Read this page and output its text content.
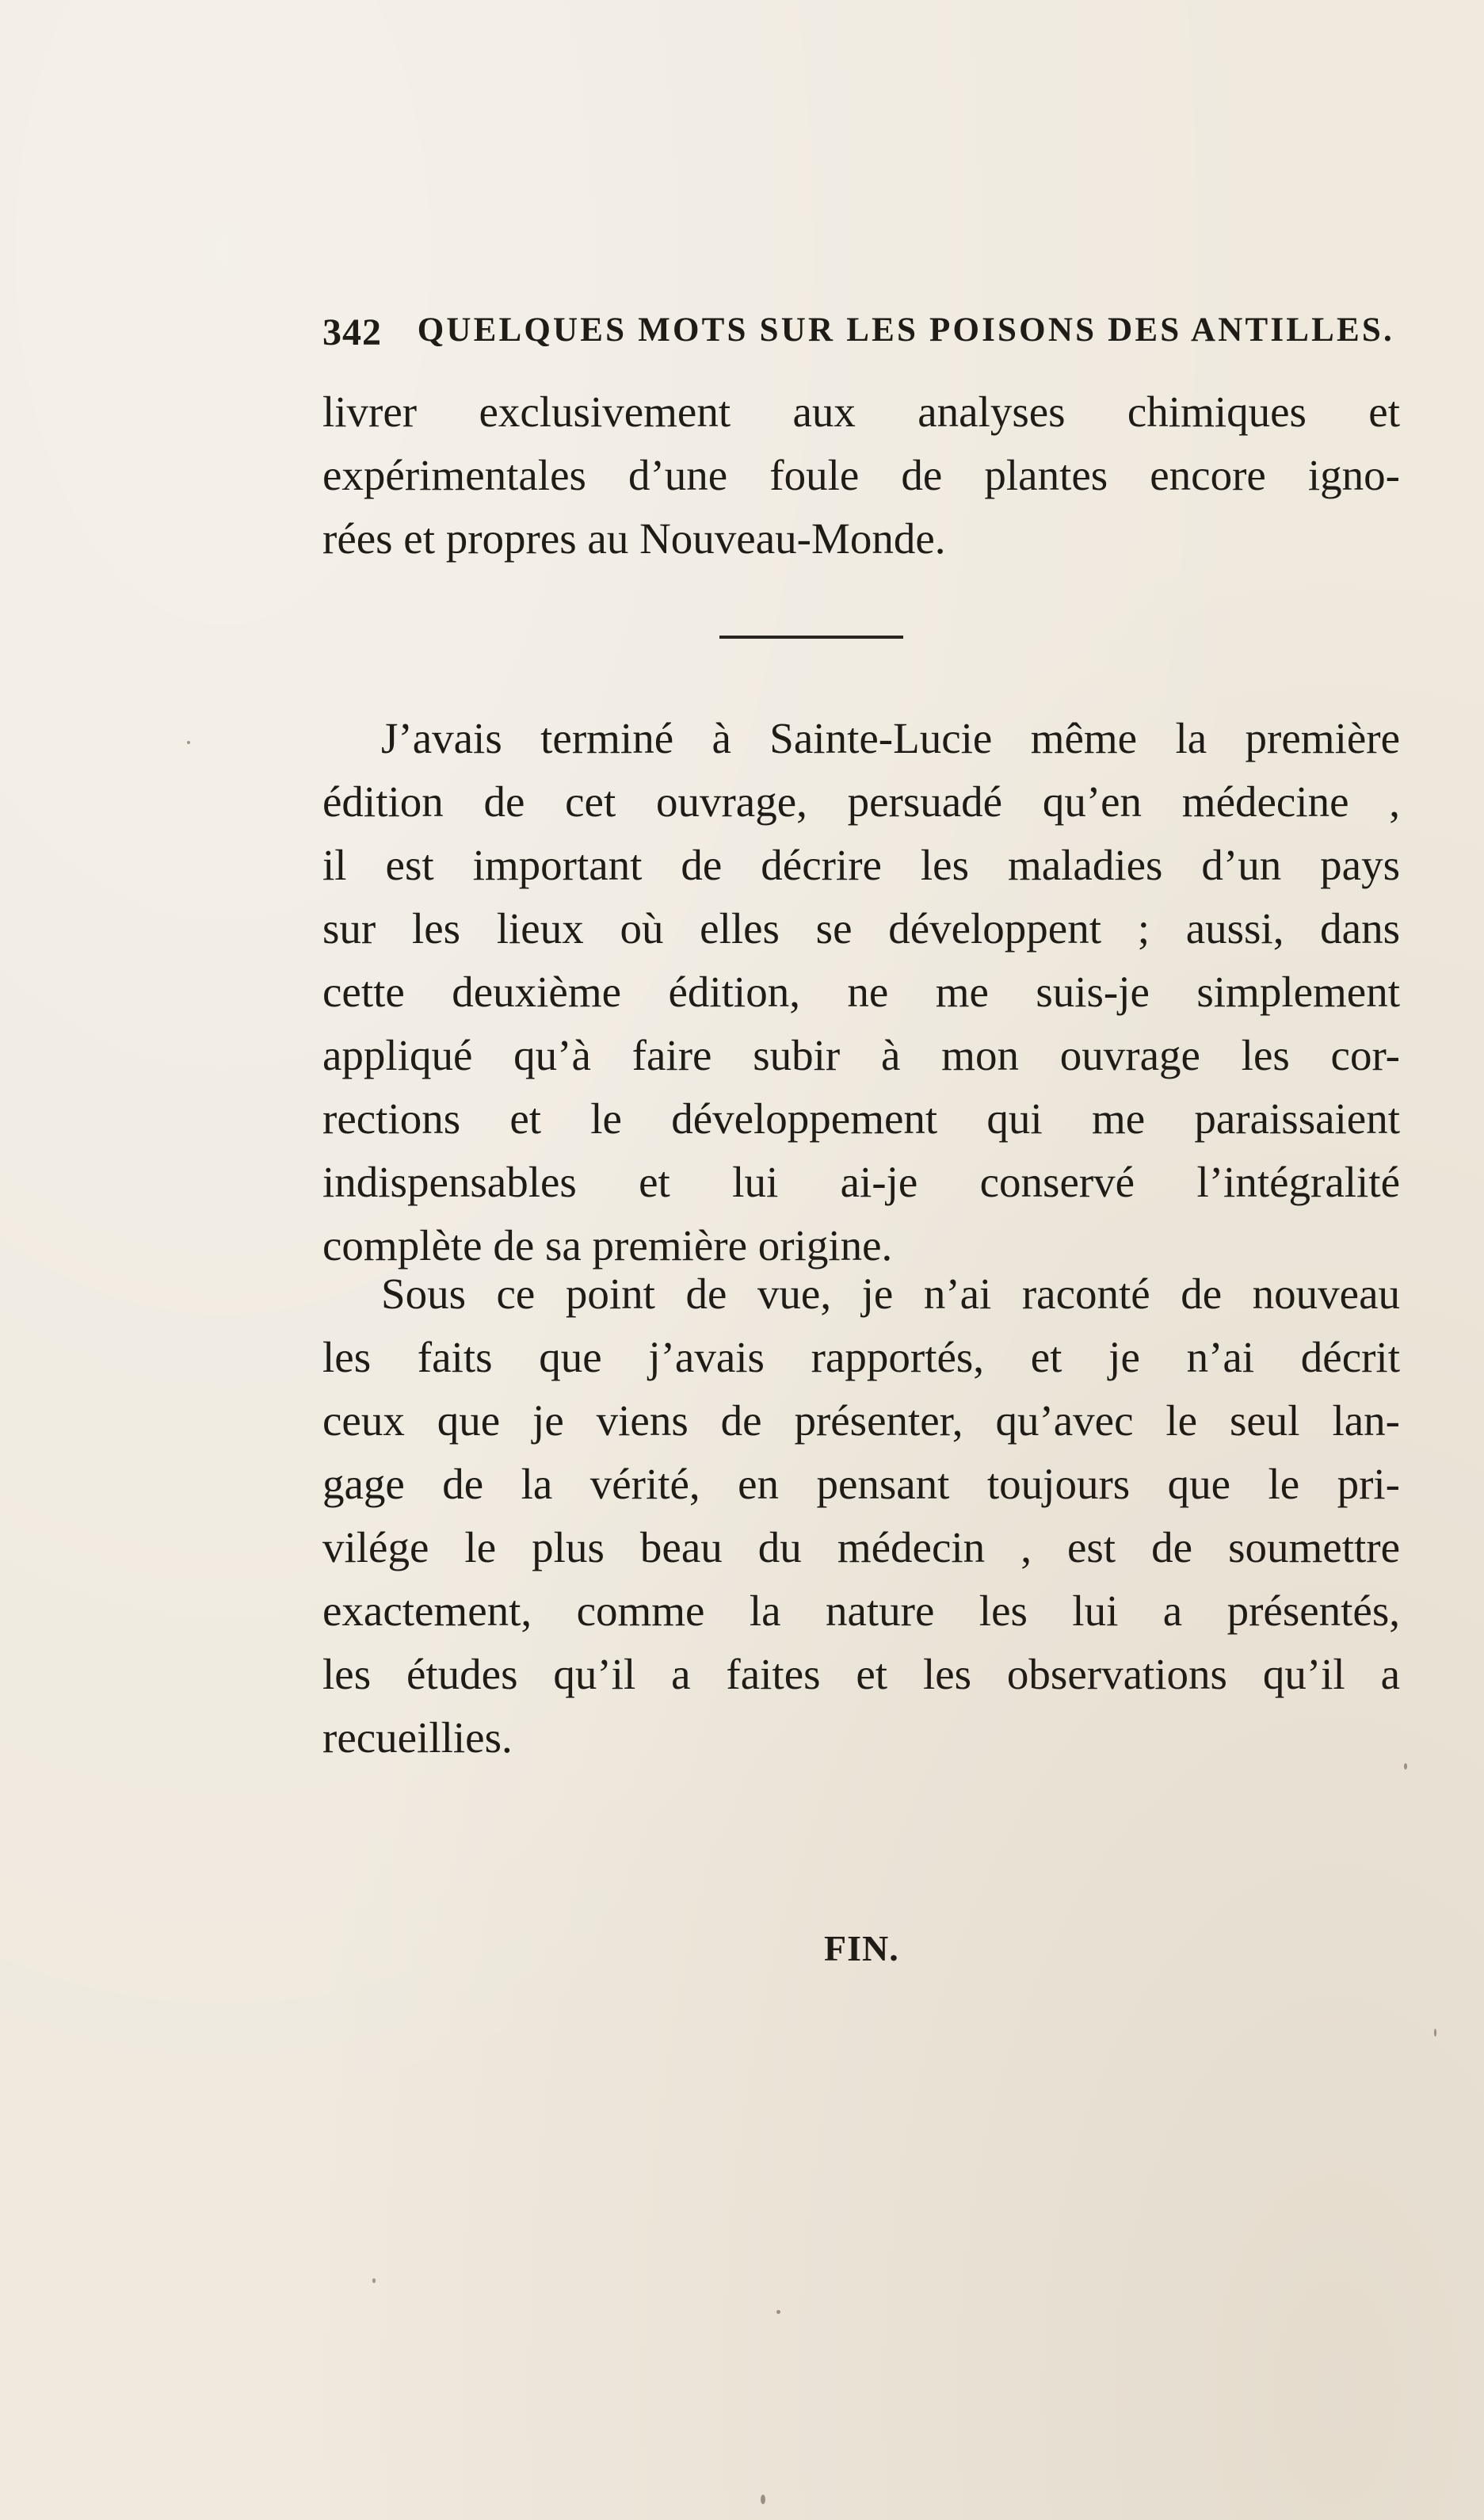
342 QUELQUES MOTS SUR LES POISONS DES ANTILLES.
livrer exclusivement aux analyses chimiques et
expérimentales d’une foule de plantes encore igno-
rées et propres au Nouveau-Monde.
J’avais terminé à Sainte-Lucie même la première
édition de cet ouvrage, persuadé qu’en médecine ,
il est important de décrire les maladies d’un pays
sur les lieux où elles se développent ; aussi, dans
cette deuxième édition, ne me suis-je simplement
appliqué qu’à faire subir à mon ouvrage les cor-
rections et le développement qui me paraissaient
indispensables et lui ai-je conservé l’intégralité
complète de sa première origine.
Sous ce point de vue, je n’ai raconté de nouveau
les faits que j’avais rapportés, et je n’ai décrit
ceux que je viens de présenter, qu’avec le seul lan-
gage de la vérité, en pensant toujours que le pri-
vilége le plus beau du médecin , est de soumettre
exactement, comme la nature les lui a présentés,
les études qu’il a faites et les observations qu’il a
recueillies.
FIN.
